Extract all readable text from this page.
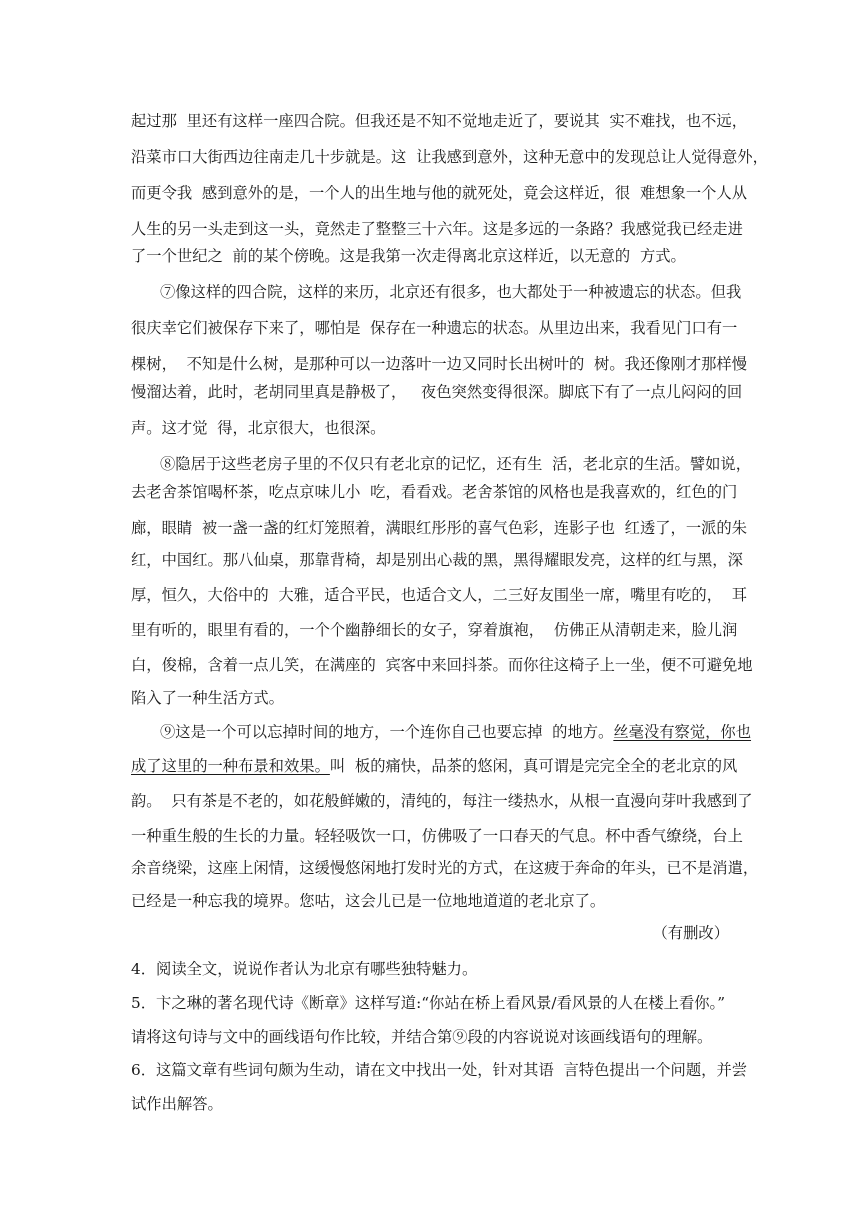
起过那  里还有这样一座四合院。但我还是不知不觉地走近了，要说其  实不难找，也不远，
沿菜市口大街西边往南走几十步就是。这  让我感到意外，这种无意中的发现总让人觉得意外，
而更令我  感到意外的是，一个人的出生地与他的就死处，竟会这样近，很  难想象一个人从
人生的另一头走到这一头，竟然走了整整三十六年。这是多远的一条路？我感觉我已经走进
了一个世纪之  前的某个傍晚。这是我第一次走得离北京这样近，以无意的  方式。
⑦像这样的四合院，这样的来历，北京还有很多，也大都处于一种被遗忘的状态。但我
很庆幸它们被保存下来了，哪怕是  保存在一种遗忘的状态。从里边出来，我看见门口有一
棵树，  不知是什么树，是那种可以一边落叶一边又同时长出树叶的  树。我还像刚才那样慢
慢溜达着，此时，老胡同里真是静极了，   夜色突然变得很深。脚底下有了一点儿闷闷的回
声。这才觉  得，北京很大，也很深。
⑧隐居于这些老房子里的不仅只有老北京的记忆，还有生  活，老北京的生活。譬如说，
去老舍茶馆喝杯茶，吃点京味儿小  吃，看看戏。老舍茶馆的风格也是我喜欢的，红色的门
廊，眼睛  被一盏一盏的红灯笼照着，满眼红彤彤的喜气色彩，连影子也  红透了，一派的朱
红，中国红。那八仙桌，那靠背椅，却是别出心裁的黑，黑得耀眼发亮，这样的红与黑，深
厚，恒久，大俗中的  大雅，适合平民，也适合文人，二三好友围坐一席，嘴里有吃的，  耳
里有听的，眼里有看的，一个个幽静细长的女子，穿着旗袍，  仿佛正从清朝走来，脸儿润
白，俊棉，含着一点儿笑，在满座的  宾客中来回抖茶。而你往这椅子上一坐，便不可避免地
陷入了一种生活方式。
⑨这是一个可以忘掉时间的地方，一个连你自己也要忘掉  的地方。丝毫没有察觉，你也
成了这里的一种布景和效果。叫  板的痛快，品茶的悠闲，真可谓是完完全全的老北京的风
韵。  只有茶是不老的，如花般鲜嫩的，清纯的，每注一缕热水，从根一直漫向芽叶我感到了
一种重生般的生长的力量。轻轻吸饮一口，仿佛吸了一口春天的气息。杯中香气缭绕，台上
余音绕梁，这座上闲情，这缓慢悠闲地打发时光的方式，在这疲于奔命的年头，已不是消遣，
已经是一种忘我的境界。您咕，这会儿已是一位地地道道的老北京了。
（有删改）
4．阅读全文，说说作者认为北京有哪些独特魅力。
5．卞之琳的著名现代诗《断章》这样写道:“你站在桥上看风景/看风景的人在楼上看你。”
请将这句诗与文中的画线语句作比较，并结合第⑨段的内容说说对该画线语句的理解。
6．这篇文章有些词句颇为生动，请在文中找出一处，针对其语  言特色提出一个问题，并尝
试作出解答。
